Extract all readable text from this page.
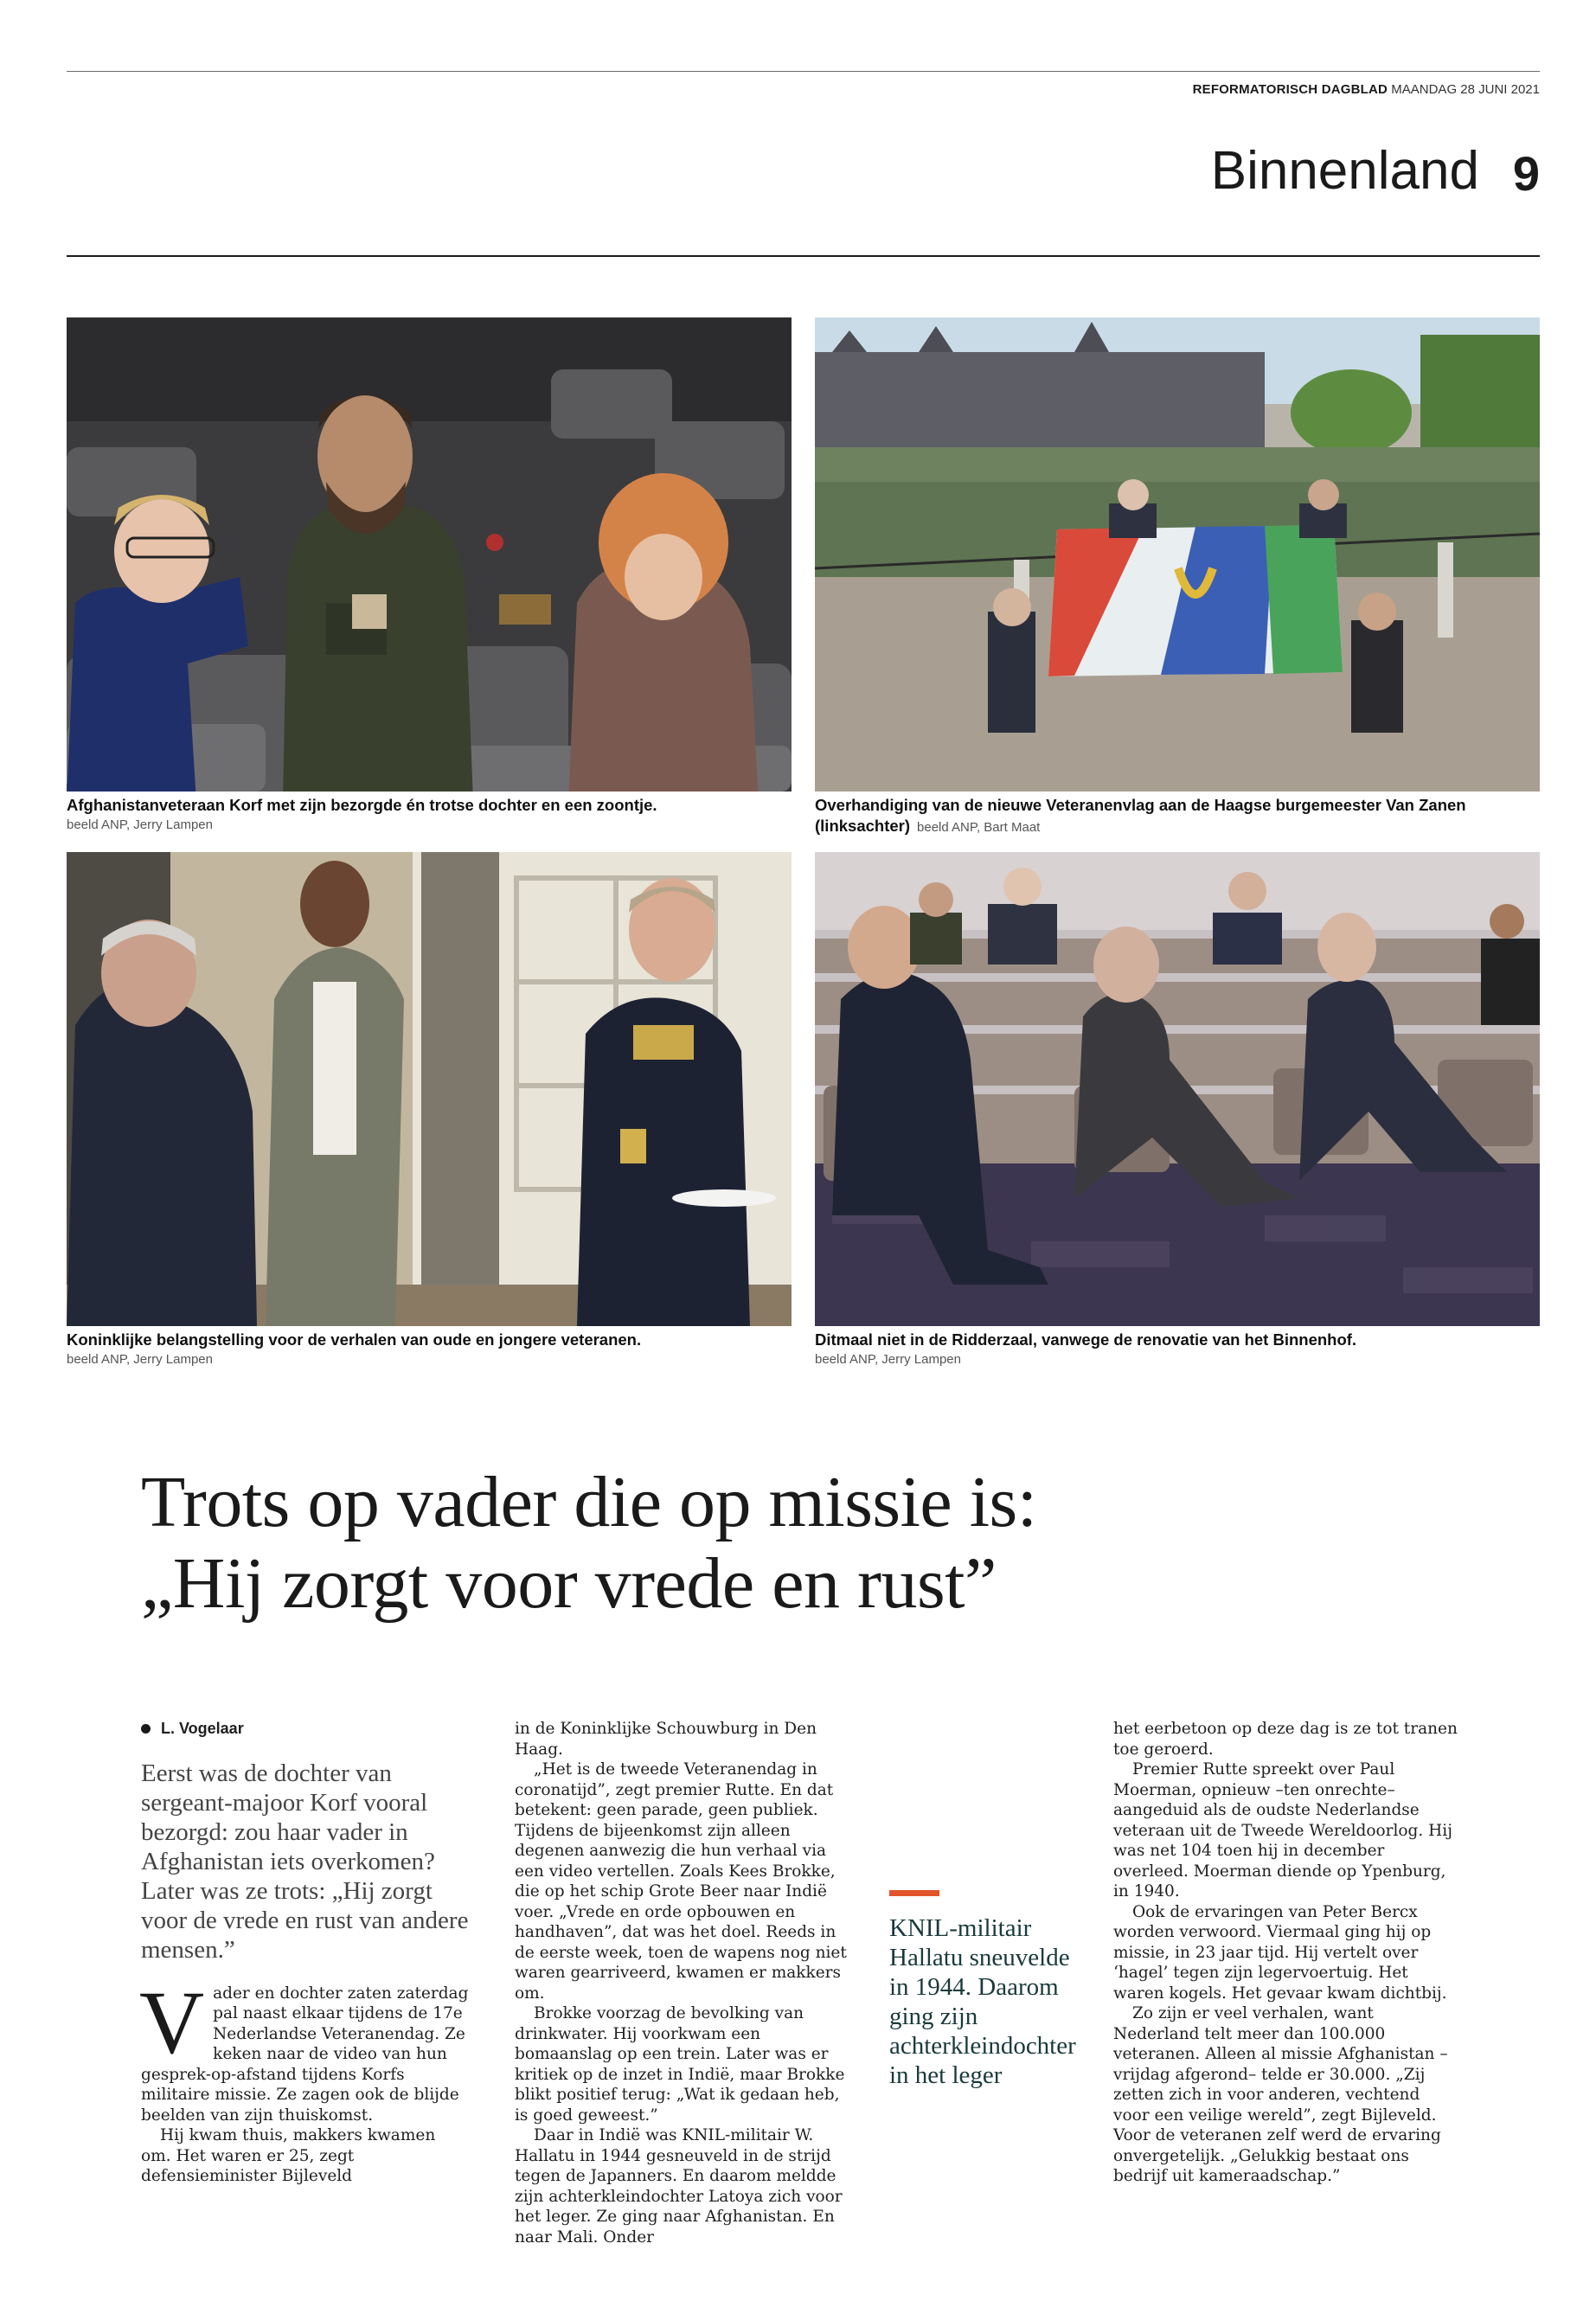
REFORMATORISCH DAGBLAD MAANDAG 28 JUNI 2021
Binnenland 9
Afghanistanveteraan Korf met zijn bezorgde én trotse dochter en een zoontje.
beeld ANP, Jerry Lampen
Overhandiging van de nieuwe Veteranenvlag aan de Haagse burgemeester Van Zanen (linksachter) beeld ANP, Bart Maat
Koninklijke belangstelling voor de verhalen van oude en jongere veteranen.
beeld ANP, Jerry Lampen
Ditmaal niet in de Ridderzaal, vanwege de renovatie van het Binnenhof.
beeld ANP, Jerry Lampen
Trots op vader die op missie is:
„Hij zorgt voor vrede en rust”
L. Vogelaar

Eerst was de dochter van sergeant-majoor Korf vooral bezorgd: zou haar vader in Afghanistan iets overkomen? Later was ze trots: „Hij zorgt voor de vrede en rust van andere mensen.”

Vader en dochter zaten zaterdag pal naast elkaar tijdens de 17e Nederlandse Veteranendag. Ze keken naar de video van hun gesprek-op-afstand tijdens Korfs militaire missie. Ze zagen ook de blijde beelden van zijn thuiskomst.

Hij kwam thuis, makkers kwamen om. Het waren er 25, zegt defensieminister Bijleveld

in de Koninklijke Schouwburg in Den Haag.

„Het is de tweede Veteranendag in coronatijd”, zegt premier Rutte. En dat betekent: geen parade, geen publiek. Tijdens de bijeenkomst zijn alleen degenen aanwezig die hun verhaal via een video vertellen. Zoals Kees Brokke, die op het schip Grote Beer naar Indië voer. „Vrede en orde opbouwen en handhaven”, dat was het doel. Reeds in de eerste week, toen de wapens nog niet waren gearriveerd, kwamen er makkers om.

Brokke voorzag de bevolking van drinkwater. Hij voorkwam een bomaanslag op een trein. Later was er kritiek op de inzet in Indië, maar Brokke blikt positief terug: „Wat ik gedaan heb, is goed geweest.”

Daar in Indië was KNIL-militair W. Hallatu in 1944 gesneuveld in de strijd tegen de Japanners. En daarom meldde zijn achterkleindochter Latoya zich voor het leger. Ze ging naar Afghanistan. En naar Mali. Onder

KNIL-militair Hallatu sneuvelde in 1944. Daarom ging zijn achterkleindochter in het leger

het eerbetoon op deze dag is ze tot tranen toe geroerd.

Premier Rutte spreekt over Paul Moerman, opnieuw –ten onrechte– aangeduid als de oudste Nederlandse veteraan uit de Tweede Wereldoorlog. Hij was net 104 toen hij in december overleed. Moerman diende op Ypenburg, in 1940.

Ook de ervaringen van Peter Bercx worden verwoord. Viermaal ging hij op missie, in 23 jaar tijd. Hij vertelt over ‘hagel’ tegen zijn legervoertuig. Het waren kogels. Het gevaar kwam dichtbij.

Zo zijn er veel verhalen, want Nederland telt meer dan 100.000 veteranen. Alleen al missie Afghanistan –vrijdag afgerond– telde er 30.000. „Zij zetten zich in voor anderen, vechtend voor een veilige wereld”, zegt Bijleveld. Voor de veteranen zelf werd de ervaring onvergetelijk. „Gelukkig bestaat ons bedrijf uit kameraadschap.”
